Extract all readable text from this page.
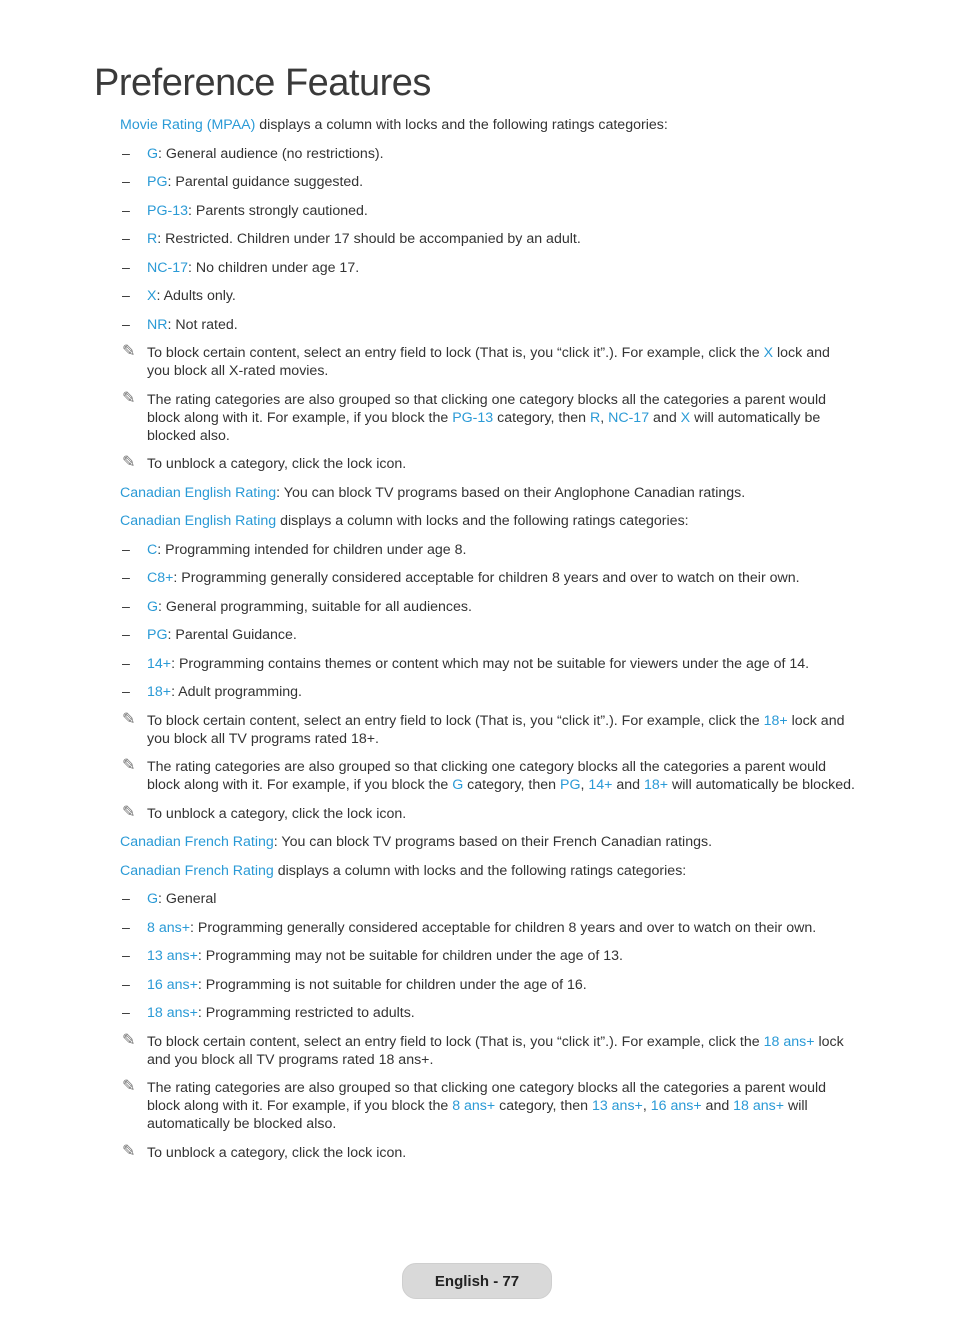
Preference Features
Movie Rating (MPAA) displays a column with locks and the following ratings categories:
– G: General audience (no restrictions).
– PG: Parental guidance suggested.
– PG-13: Parents strongly cautioned.
– R: Restricted. Children under 17 should be accompanied by an adult.
– NC-17: No children under age 17.
– X: Adults only.
– NR: Not rated.
✎ To block certain content, select an entry field to lock (That is, you “click it”.). For example, click the X lock and you block all X-rated movies.
✎ The rating categories are also grouped so that clicking one category blocks all the categories a parent would block along with it. For example, if you block the PG-13 category, then R, NC-17 and X will automatically be blocked also.
✎ To unblock a category, click the lock icon.
Canadian English Rating: You can block TV programs based on their Anglophone Canadian ratings.
Canadian English Rating displays a column with locks and the following ratings categories:
– C: Programming intended for children under age 8.
– C8+: Programming generally considered acceptable for children 8 years and over to watch on their own.
– G: General programming, suitable for all audiences.
– PG: Parental Guidance.
– 14+: Programming contains themes or content which may not be suitable for viewers under the age of 14.
– 18+: Adult programming.
✎ To block certain content, select an entry field to lock (That is, you “click it”.). For example, click the 18+ lock and you block all TV programs rated 18+.
✎ The rating categories are also grouped so that clicking one category blocks all the categories a parent would block along with it. For example, if you block the G category, then PG, 14+ and 18+ will automatically be blocked.
✎ To unblock a category, click the lock icon.
Canadian French Rating: You can block TV programs based on their French Canadian ratings.
Canadian French Rating displays a column with locks and the following ratings categories:
– G: General
– 8 ans+: Programming generally considered acceptable for children 8 years and over to watch on their own.
– 13 ans+: Programming may not be suitable for children under the age of 13.
– 16 ans+: Programming is not suitable for children under the age of 16.
– 18 ans+: Programming restricted to adults.
✎ To block certain content, select an entry field to lock (That is, you “click it”.). For example, click the 18 ans+ lock and you block all TV programs rated 18 ans+.
✎ The rating categories are also grouped so that clicking one category blocks all the categories a parent would block along with it. For example, if you block the 8 ans+ category, then 13 ans+, 16 ans+ and 18 ans+ will automatically be blocked also.
✎ To unblock a category, click the lock icon.
English - 77
